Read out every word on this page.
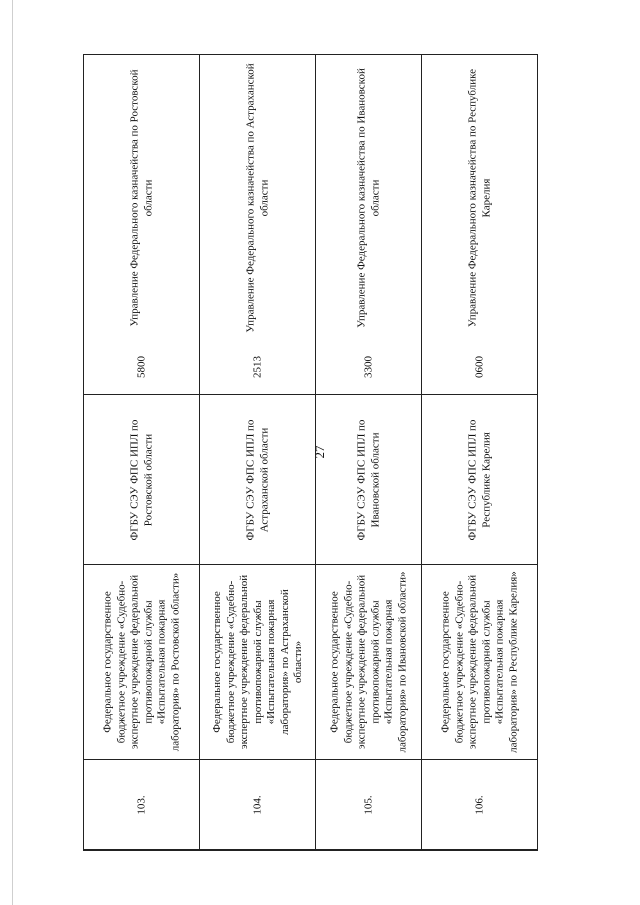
27
103.
Федеральное государственное бюджетное учреждение «Судебно-экспертное учреждение федеральной противопожарной службы «Испытательная пожарная лаборатория» по Ростовской области»
ФГБУ СЭУ ФПС ИПЛ по Ростовской области
5800
Управление Федерального казначейства по Ростовской области
104.
Федеральное государственное бюджетное учреждение «Судебно-экспертное учреждение федеральной противопожарной службы «Испытательная пожарная лаборатория» по Астраханской области»
ФГБУ СЭУ ФПС ИПЛ по Астраханской области
2513
Управление Федерального казначейства по Астраханской области
105.
Федеральное государственное бюджетное учреждение «Судебно-экспертное учреждение федеральной противопожарной службы «Испытательная пожарная лаборатория» по Ивановской области»
ФГБУ СЭУ ФПС ИПЛ по Ивановской области
3300
Управление Федерального казначейства по Ивановской области
106.
Федеральное государственное бюджетное учреждение «Судебно-экспертное учреждение федеральной противопожарной службы «Испытательная пожарная лаборатория» по Республике Карелия»
ФГБУ СЭУ ФПС ИПЛ по Республике Карелия
0600
Управление Федерального казначейства по Республике Карелия
